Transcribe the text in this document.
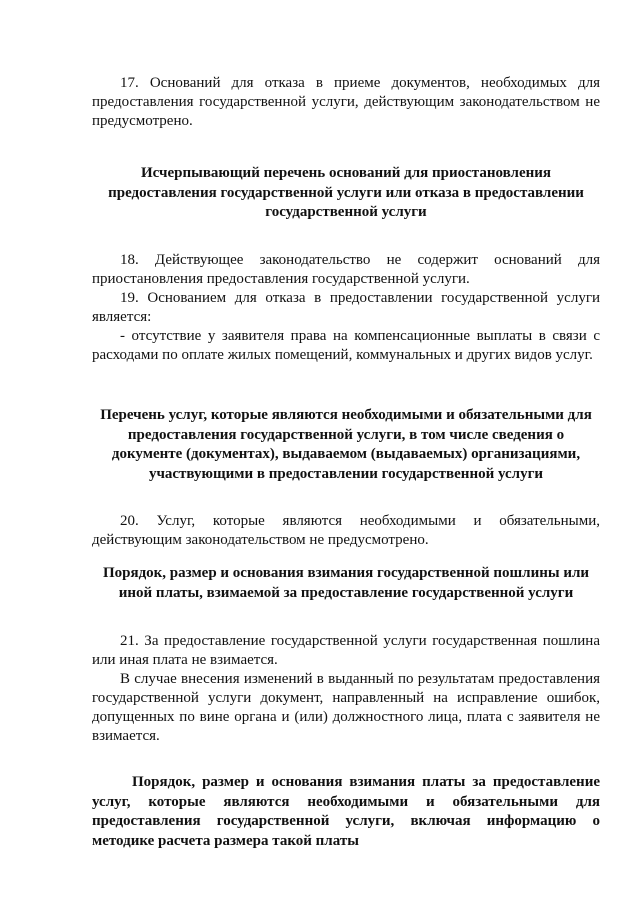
17. Оснований для отказа в приеме документов, необходимых для предоставления государственной услуги, действующим законодательством не предусмотрено.

Исчерпывающий перечень оснований для приостановления предоставления государственной услуги или отказа в предоставлении государственной услуги

18. Действующее законодательство не содержит оснований для приостановления предоставления государственной услуги.

19. Основанием для отказа в предоставлении государственной услуги является:

- отсутствие у заявителя права на компенсационные выплаты в связи с расходами по оплате жилых помещений, коммунальных и других видов услуг.

Перечень услуг, которые являются необходимыми и обязательными для предоставления государственной услуги, в том числе сведения о документе (документах), выдаваемом (выдаваемых) организациями, участвующими в предоставлении государственной услуги

20. Услуг, которые являются необходимыми и обязательными, действующим законодательством не предусмотрено.

Порядок, размер и основания взимания государственной пошлины или иной платы, взимаемой за предоставление государственной услуги

21. За предоставление государственной услуги государственная пошлина или иная плата не взимается.

В случае внесения изменений в выданный по результатам предоставления государственной услуги документ, направленный на исправление ошибок, допущенных по вине органа и (или) должностного лица, плата с заявителя не взимается.

Порядок, размер и основания взимания платы за предоставление услуг, которые являются необходимыми и обязательными для предоставления государственной услуги, включая информацию о методике расчета размера такой платы
